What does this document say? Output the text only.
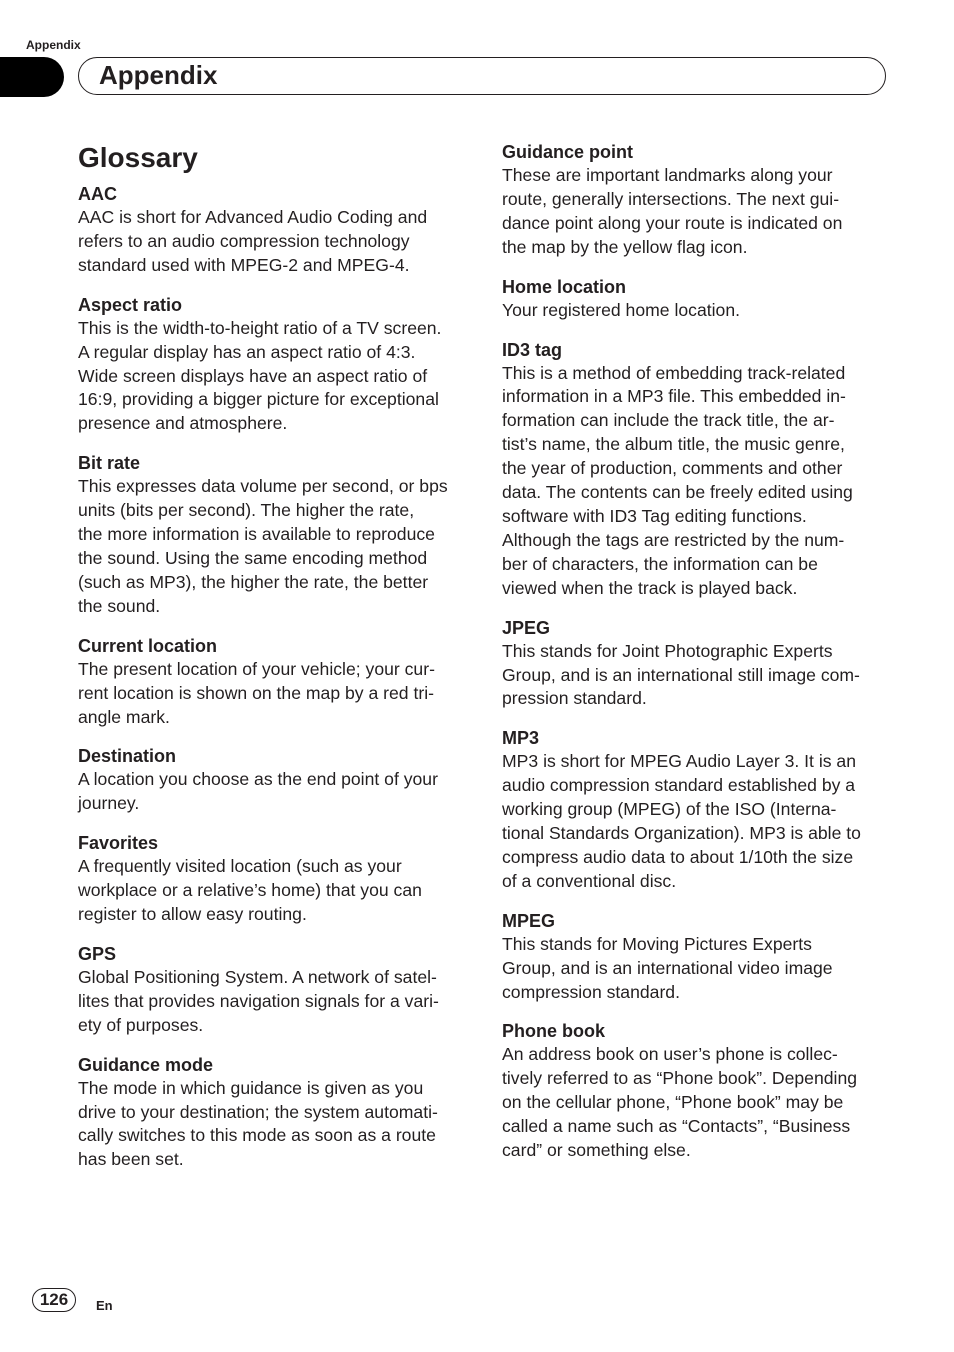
Appendix
Appendix
Glossary
AAC
AAC is short for Advanced Audio Coding and
refers to an audio compression technology
standard used with MPEG-2 and MPEG-4.
Aspect ratio
This is the width-to-height ratio of a TV screen.
A regular display has an aspect ratio of 4:3.
Wide screen displays have an aspect ratio of
16:9, providing a bigger picture for exceptional
presence and atmosphere.
Bit rate
This expresses data volume per second, or bps
units (bits per second). The higher the rate,
the more information is available to reproduce
the sound. Using the same encoding method
(such as MP3), the higher the rate, the better
the sound.
Current location
The present location of your vehicle; your cur-
rent location is shown on the map by a red tri-
angle mark.
Destination
A location you choose as the end point of your
journey.
Favorites
A frequently visited location (such as your
workplace or a relative’s home) that you can
register to allow easy routing.
GPS
Global Positioning System. A network of satel-
lites that provides navigation signals for a vari-
ety of purposes.
Guidance mode
The mode in which guidance is given as you
drive to your destination; the system automati-
cally switches to this mode as soon as a route
has been set.
Guidance point
These are important landmarks along your
route, generally intersections. The next gui-
dance point along your route is indicated on
the map by the yellow flag icon.
Home location
Your registered home location.
ID3 tag
This is a method of embedding track-related
information in a MP3 file. This embedded in-
formation can include the track title, the ar-
tist’s name, the album title, the music genre,
the year of production, comments and other
data. The contents can be freely edited using
software with ID3 Tag editing functions.
Although the tags are restricted by the num-
ber of characters, the information can be
viewed when the track is played back.
JPEG
This stands for Joint Photographic Experts
Group, and is an international still image com-
pression standard.
MP3
MP3 is short for MPEG Audio Layer 3. It is an
audio compression standard established by a
working group (MPEG) of the ISO (Interna-
tional Standards Organization). MP3 is able to
compress audio data to about 1/10th the size
of a conventional disc.
MPEG
This stands for Moving Pictures Experts
Group, and is an international video image
compression standard.
Phone book
An address book on user’s phone is collec-
tively referred to as “Phone book”. Depending
on the cellular phone, “Phone book” may be
called a name such as “Contacts”, “Business
card” or something else.
126	En
